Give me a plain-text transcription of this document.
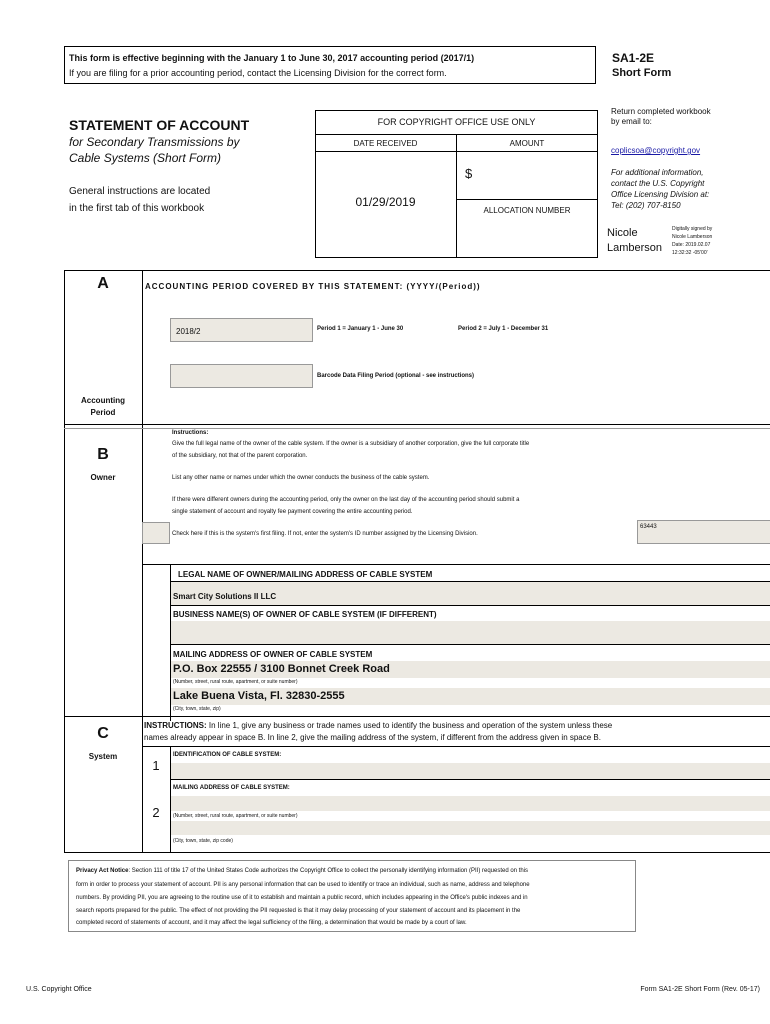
This form is effective beginning with the January 1 to June 30, 2017 accounting period (2017/1)
If you are filing for a prior accounting period, contact the Licensing Division for the correct form.
SA1-2E
Short Form
STATEMENT OF ACCOUNT
for Secondary Transmissions by
Cable Systems (Short Form)
General instructions are located
in the first tab of this workbook
FOR COPYRIGHT OFFICE USE ONLY
DATE RECEIVED	AMOUNT
01/29/2019
$
ALLOCATION NUMBER
Return completed workbook
by email to:
coplicsoa@copyright.gov
For additional information,
contact the U.S. Copyright
Office Licensing Division at:
Tel: (202) 707-8150
Nicole
Lamberson
Digitally signed by
Nicole Lamberson
Date: 2019.02.07
12:32:32 -05'00'
A	ACCOUNTING PERIOD COVERED BY THIS STATEMENT: (YYYY/(Period))
2018/2	Period 1 = January 1 - June 30	Period 2 = July 1 - December 31
Barcode Data Filing Period (optional - see instructions)
Accounting
Period
B
Owner
Instructions:
Give the full legal name of the owner of the cable system. If the owner is a subsidiary of another corporation, give the full corporate title
of the subsidiary, not that of the parent corporation.
List any other name or names under which the owner conducts the business of the cable system.
If there were different owners during the accounting period, only the owner on the last day of the accounting period should submit a
single statement of account and royalty fee payment covering the entire accounting period.
Check here if this is the system's first filing. If not, enter the system's ID number assigned by the Licensing Division.
63443
LEGAL NAME OF OWNER/MAILING ADDRESS OF CABLE SYSTEM
Smart City Solutions II LLC
BUSINESS NAME(S) OF OWNER OF CABLE SYSTEM (IF DIFFERENT)
MAILING ADDRESS OF OWNER OF CABLE SYSTEM
P.O. Box 22555 / 3100 Bonnet Creek Road
(Number, street, rural route, apartment, or suite number)
Lake Buena Vista, Fl. 32830-2555
(City, town, state, zip)
C
System
INSTRUCTIONS: In line 1, give any business or trade names used to identify the business and operation of the system unless these
names already appear in space B. In line 2, give the mailing address of the system, if different from the address given in space B.
1
IDENTIFICATION OF CABLE SYSTEM:
MAILING ADDRESS OF CABLE SYSTEM:
2	(Number, street, rural route, apartment, or suite number)
(City, town, state, zip code)
Privacy Act Notice: Section 111 of title 17 of the United States Code authorizes the Copyright Office to collect the personally identifying information (PII) requested on this
form in order to process your statement of account. PII is any personal information that can be used to identify or trace an individual, such as name, address and telephone
numbers. By providing PII, you are agreeing to the routine use of it to establish and maintain a public record, which includes appearing in the Office's public indexes and in
search reports prepared for the public. The effect of not providing the PII requested is that it may delay processing of your statement of account and its placement in the
completed record of statements of account, and it may affect the legal sufficiency of the filing, a determination that would be made by a court of law.
U.S. Copyright Office	Form SA1-2E Short Form (Rev. 05-17)
